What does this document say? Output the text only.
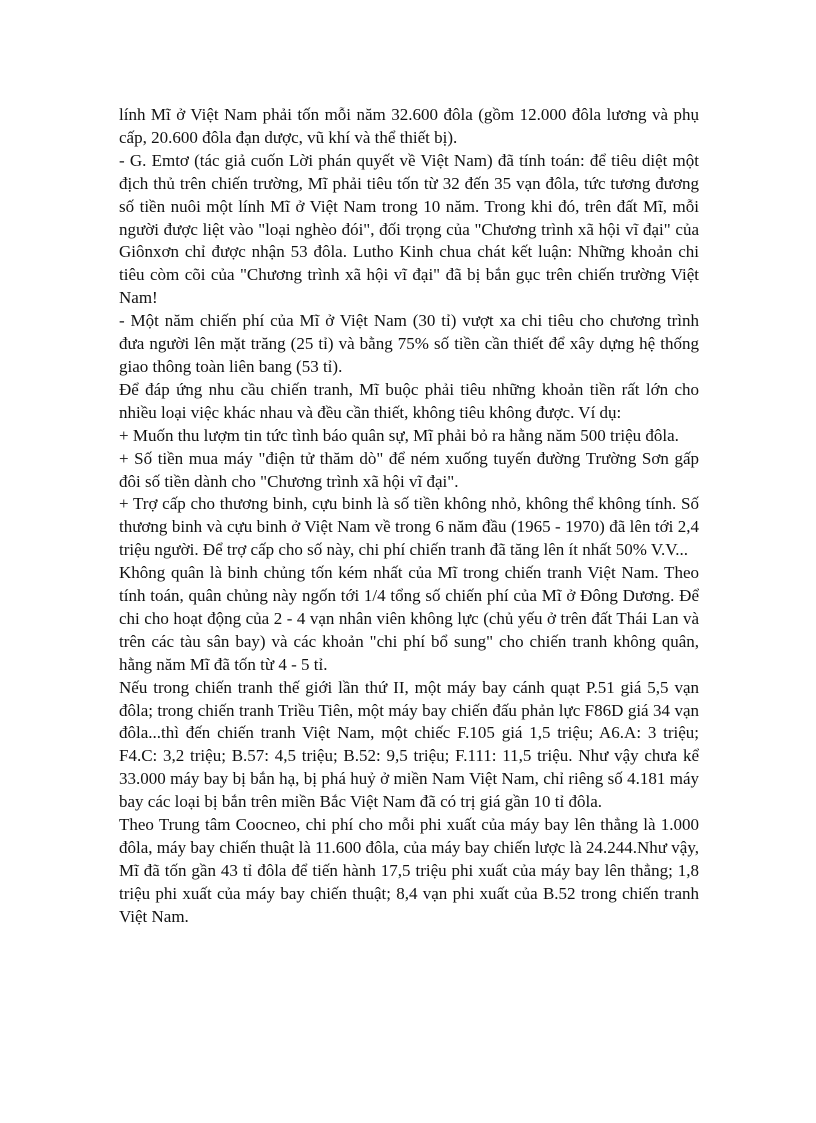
lính Mĩ ở Việt Nam phải tốn mỗi năm 32.600 đôla (gồm 12.000 đôla lương và phụ cấp, 20.600 đôla đạn dược, vũ khí và thể thiết bị).

- G. Emtơ (tác giả cuốn Lời phán quyết về Việt Nam) đã tính toán: để tiêu diệt một địch thủ trên chiến trường, Mĩ phải tiêu tốn từ 32 đến 35 vạn đôla, tức tương đương số tiền nuôi một lính Mĩ ở Việt Nam trong 10 năm. Trong khi đó, trên đất Mĩ, mỗi người được liệt vào "loại nghèo đói", đối trọng của "Chương trình xã hội vĩ đại" của Giônxơn chỉ được nhận 53 đôla. Lutho Kinh chua chát kết luận: Những khoản chi tiêu còm cõi của "Chương trình xã hội vĩ đại" đã bị bắn gục trên chiến trường Việt Nam!

- Một năm chiến phí của Mĩ ở Việt Nam (30 tỉ) vượt xa chi tiêu cho chương trình đưa người lên mặt trăng (25 tỉ) và bằng 75% số tiền cần thiết để xây dựng hệ thống giao thông toàn liên bang (53 tỉ).

Để đáp ứng nhu cầu chiến tranh, Mĩ buộc phải tiêu những khoản tiền rất lớn cho nhiều loại việc khác nhau và đều cần thiết, không tiêu không được. Ví dụ:

+ Muốn thu lượm tin tức tình báo quân sự, Mĩ phải bỏ ra hằng năm 500 triệu đôla.

+ Số tiền mua máy "điện tử thăm dò" để ném xuống tuyến đường Trường Sơn gấp đôi số tiền dành cho "Chương trình xã hội vĩ đại".

+ Trợ cấp cho thương binh, cựu binh là số tiền không nhỏ, không thể không tính. Số thương binh và cựu binh ở Việt Nam về trong 6 năm đầu (1965 - 1970) đã lên tới 2,4 triệu người. Để trợ cấp cho số này, chi phí chiến tranh đã tăng lên ít nhất 50% V.V...

Không quân là binh chủng tốn kém nhất của Mĩ trong chiến tranh Việt Nam. Theo tính toán, quân chủng này ngốn tới 1/4 tổng số chiến phí của Mĩ ở Đông Dương. Để chi cho hoạt động của 2 - 4 vạn nhân viên không lực (chủ yếu ở trên đất Thái Lan và trên các tàu sân bay) và các khoản "chi phí bổ sung" cho chiến tranh không quân, hằng năm Mĩ đã tốn từ 4 - 5 tỉ.

Nếu trong chiến tranh thế giới lần thứ II, một máy bay cánh quạt P.51 giá 5,5 vạn đôla; trong chiến tranh Triều Tiên, một máy bay chiến đấu phản lực F86D giá 34 vạn đôla...thì đến chiến tranh Việt Nam, một chiếc F.105 giá 1,5 triệu; A6.A: 3 triệu; F4.C: 3,2 triệu; B.57: 4,5 triệu; B.52: 9,5 triệu; F.111: 11,5 triệu. Như vậy chưa kể 33.000 máy bay bị bắn hạ, bị phá huỷ ở miền Nam Việt Nam, chỉ riêng số 4.181 máy bay các loại bị bắn trên miền Bắc Việt Nam đã có trị giá gần 10 tỉ đôla.

Theo Trung tâm Coocneo, chi phí cho mỗi phi xuất của máy bay lên thẳng là 1.000 đôla, máy bay chiến thuật là 11.600 đôla, của máy bay chiến lược là 24.244.Như vậy, Mĩ đã tốn gần 43 tỉ đôla để tiến hành 17,5 triệu phi xuất của máy bay lên thẳng; 1,8 triệu phi xuất của máy bay chiến thuật; 8,4 vạn phi xuất của B.52 trong chiến tranh Việt Nam.
